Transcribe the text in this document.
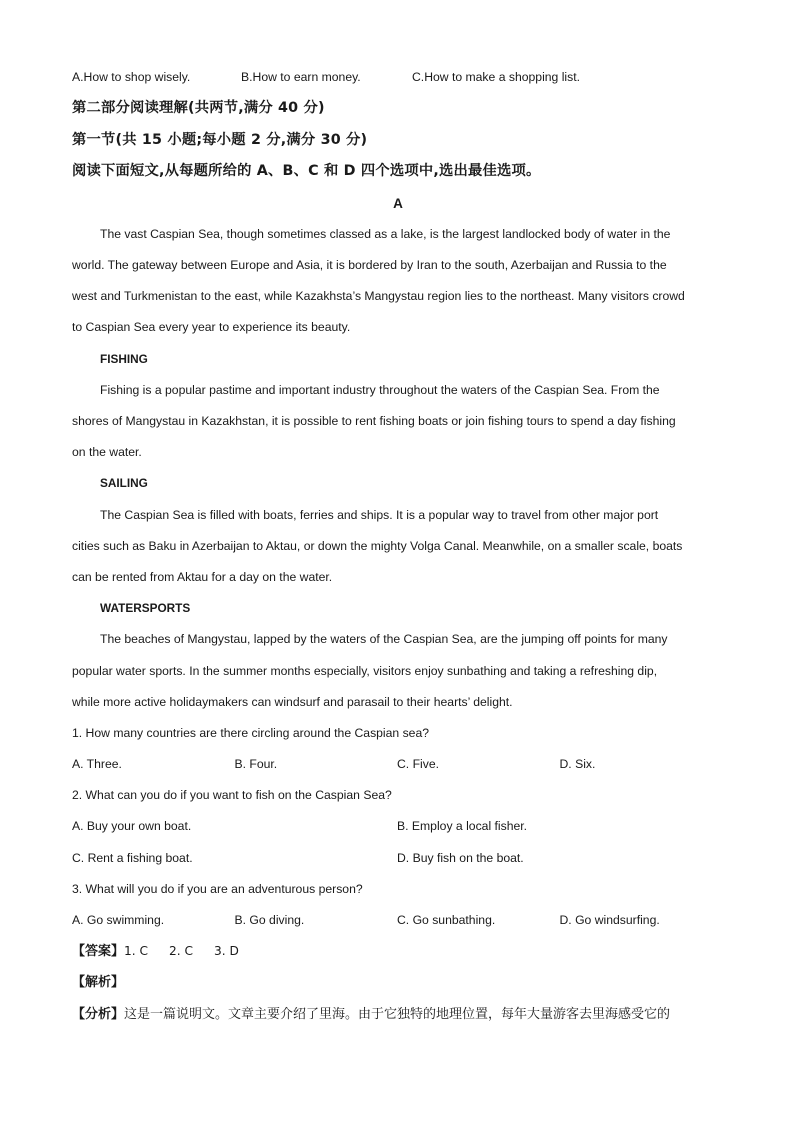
A.How to shop wisely.	B.How to earn money.	C.How to make a shopping list.
第二部分阅读理解(共两节,满分 40 分)
第一节(共 15 小题;每小题 2 分,满分 30 分)
阅读下面短文,从每题所给的 A、B、C 和 D 四个选项中,选出最佳选项。
A
The vast Caspian Sea, though sometimes classed as a lake, is the largest landlocked body of water in the
world. The gateway between Europe and Asia, it is bordered by Iran to the south, Azerbaijan and Russia to the
west and Turkmenistan to the east, while Kazakhsta’s Mangystau region lies to the northeast. Many visitors crowd
to Caspian Sea every year to experience its beauty.
FISHING
Fishing is a popular pastime and important industry throughout the waters of the Caspian Sea. From the
shores of Mangystau in Kazakhstan, it is possible to rent fishing boats or join fishing tours to spend a day fishing
on the water.
SAILING
The Caspian Sea is filled with boats, ferries and ships. It is a popular way to travel from other major port
cities such as Baku in Azerbaijan to Aktau, or down the mighty Volga Canal. Meanwhile, on a smaller scale, boats
can be rented from Aktau for a day on the water.
WATERSPORTS
The beaches of Mangystau, lapped by the waters of the Caspian Sea, are the jumping off points for many
popular water sports. In the summer months especially, visitors enjoy sunbathing and taking a refreshing dip,
while more active holidaymakers can windsurf and parasail to their hearts’ delight.
1. How many countries are there circling around the Caspian sea?
A. Three.	B. Four.	C. Five.	D. Six.
2. What can you do if you want to fish on the Caspian Sea?
A. Buy your own boat.	B. Employ a local fisher.
C. Rent a fishing boat.	D. Buy fish on the boat.
3. What will you do if you are an adventurous person?
A. Go swimming.	B. Go diving.	C. Go sunbathing.	D. Go windsurfing.
【答案】1. C 2. C 3. D
【解析】
【分析】这是一篇说明文。文章主要介绍了里海。由于它独特的地理位置，每年大量游客去里海感受它的
